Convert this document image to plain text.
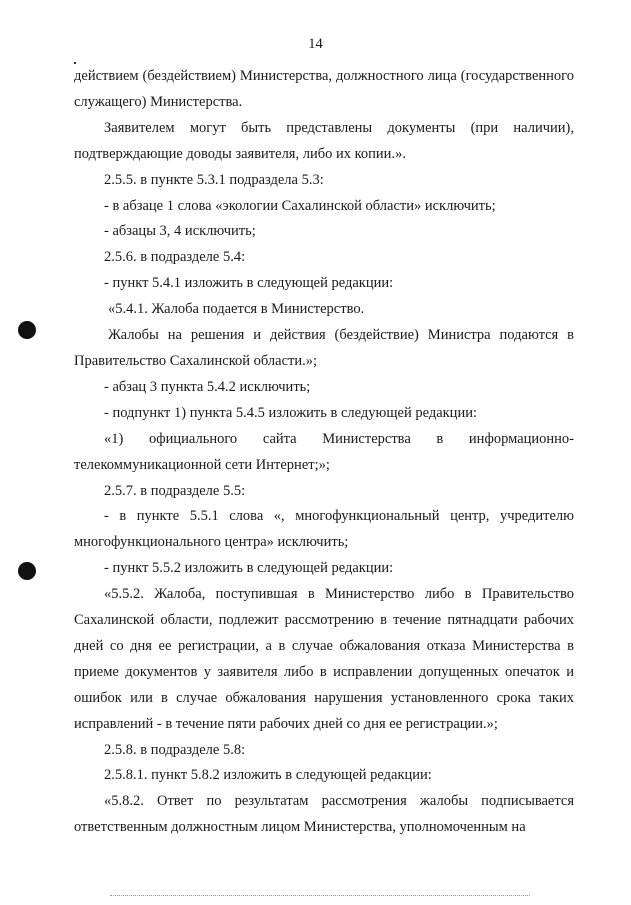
14

действием (бездействием) Министерства, должностного лица (государственного служащего) Министерства.

Заявителем могут быть представлены документы (при наличии), подтверждающие доводы заявителя, либо их копии.».

2.5.5. в пункте 5.3.1 подраздела 5.3:

- в абзаце 1 слова «экологии Сахалинской области» исключить;

- абзацы 3, 4 исключить;

2.5.6. в подразделе 5.4:

- пункт 5.4.1 изложить в следующей редакции:

«5.4.1. Жалоба подается в Министерство.

Жалобы на решения и действия (бездействие) Министра подаются в Правительство Сахалинской области.»;

- абзац 3 пункта 5.4.2 исключить;

- подпункт 1) пункта 5.4.5 изложить в следующей редакции:

«1) официального сайта Министерства в информационно-телекоммуникационной сети Интернет;»;

2.5.7. в подразделе 5.5:

- в пункте 5.5.1 слова «, многофункциональный центр, учредителю многофункционального центра» исключить;

- пункт 5.5.2 изложить в следующей редакции:

«5.5.2. Жалоба, поступившая в Министерство либо в Правительство Сахалинской области, подлежит рассмотрению в течение пятнадцати рабочих дней со дня ее регистрации, а в случае обжалования отказа Министерства в приеме документов у заявителя либо в исправлении допущенных опечаток и ошибок или в случае обжалования нарушения установленного срока таких исправлений - в течение пяти рабочих дней со дня ее регистрации.»;

2.5.8. в подразделе 5.8:

2.5.8.1. пункт 5.8.2 изложить в следующей редакции:

«5.8.2. Ответ по результатам рассмотрения жалобы подписывается ответственным должностным лицом Министерства, уполномоченным на
